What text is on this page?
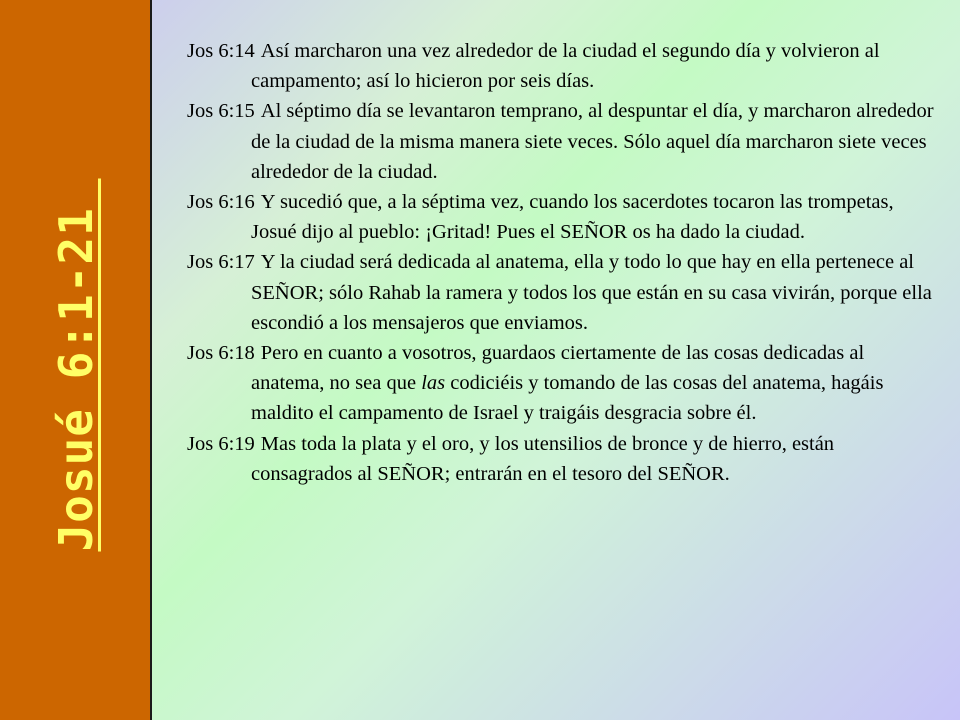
Josué 6:1-21

Jos 6:14 Así marcharon una vez alrededor de la ciudad el segundo día y volvieron al campamento; así lo hicieron por seis días.

Jos 6:15 Al séptimo día se levantaron temprano, al despuntar el día, y marcharon alrededor de la ciudad de la misma manera siete veces. Sólo aquel día marcharon siete veces alrededor de la ciudad.

Jos 6:16 Y sucedió que, a la séptima vez, cuando los sacerdotes tocaron las trompetas, Josué dijo al pueblo: ¡Gritad! Pues el SEÑOR os ha dado la ciudad.

Jos 6:17 Y la ciudad será dedicada al anatema, ella y todo lo que hay en ella pertenece al SEÑOR; sólo Rahab la ramera y todos los que están en su casa vivirán, porque ella escondió a los mensajeros que enviamos.

Jos 6:18 Pero en cuanto a vosotros, guardaos ciertamente de las cosas dedicadas al anatema, no sea que las codiciéis y tomando de las cosas del anatema, hagáis maldito el campamento de Israel y traigáis desgracia sobre él.

Jos 6:19 Mas toda la plata y el oro, y los utensilios de bronce y de hierro, están consagrados al SEÑOR; entrarán en el tesoro del SEÑOR.
